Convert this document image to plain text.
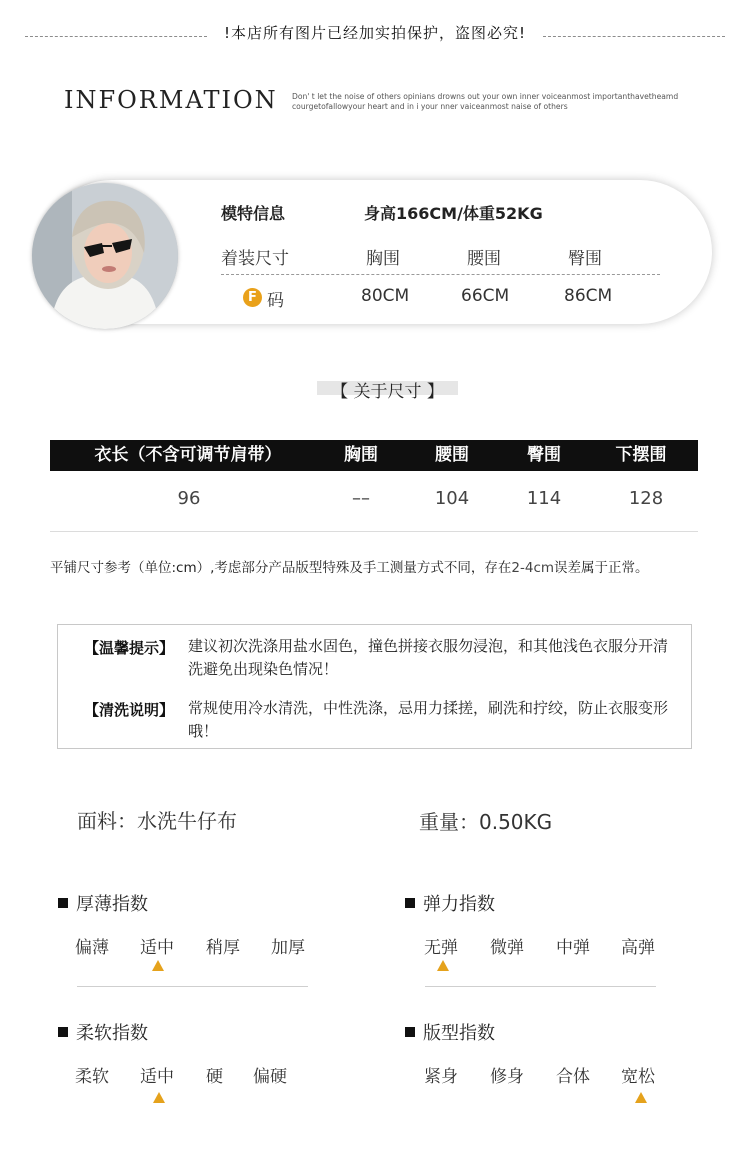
!本店所有图片已经加实拍保护，盗图必究!
INFORMATION Don' t let the noise of others opinians drowns out your own inner voiceanmost importanthavetheamd
courgetofallowyour heart and in i your nner vaiceanmost naise of others
模特信息	身高166CM/体重52KG
着装尺寸	胸围	腰围	臀围
F 码	80CM	66CM	86CM
【 关于尺寸 】
衣长（不含可调节肩带）	胸围	腰围	臀围	下摆围
96	––	104	114	128
平铺尺寸参考（单位:cm）,考虑部分产品版型特殊及手工测量方式不同，存在2-4cm误差属于正常。
【温馨提示】 建议初次洗涤用盐水固色，撞色拼接衣服勿浸泡，和其他浅色衣服分开清洗避免出现染色情况！
【清洗说明】 常规使用冷水清洗，中性洗涤，忌用力揉搓，刷洗和拧绞，防止衣服变形哦！
面料：水洗牛仔布	重量：0.50KG
厚薄指数
偏薄 适中 稍厚 加厚
弹力指数
无弹 微弹 中弹 高弹
柔软指数
柔软 适中 硬 偏硬
版型指数
紧身 修身 合体 宽松
